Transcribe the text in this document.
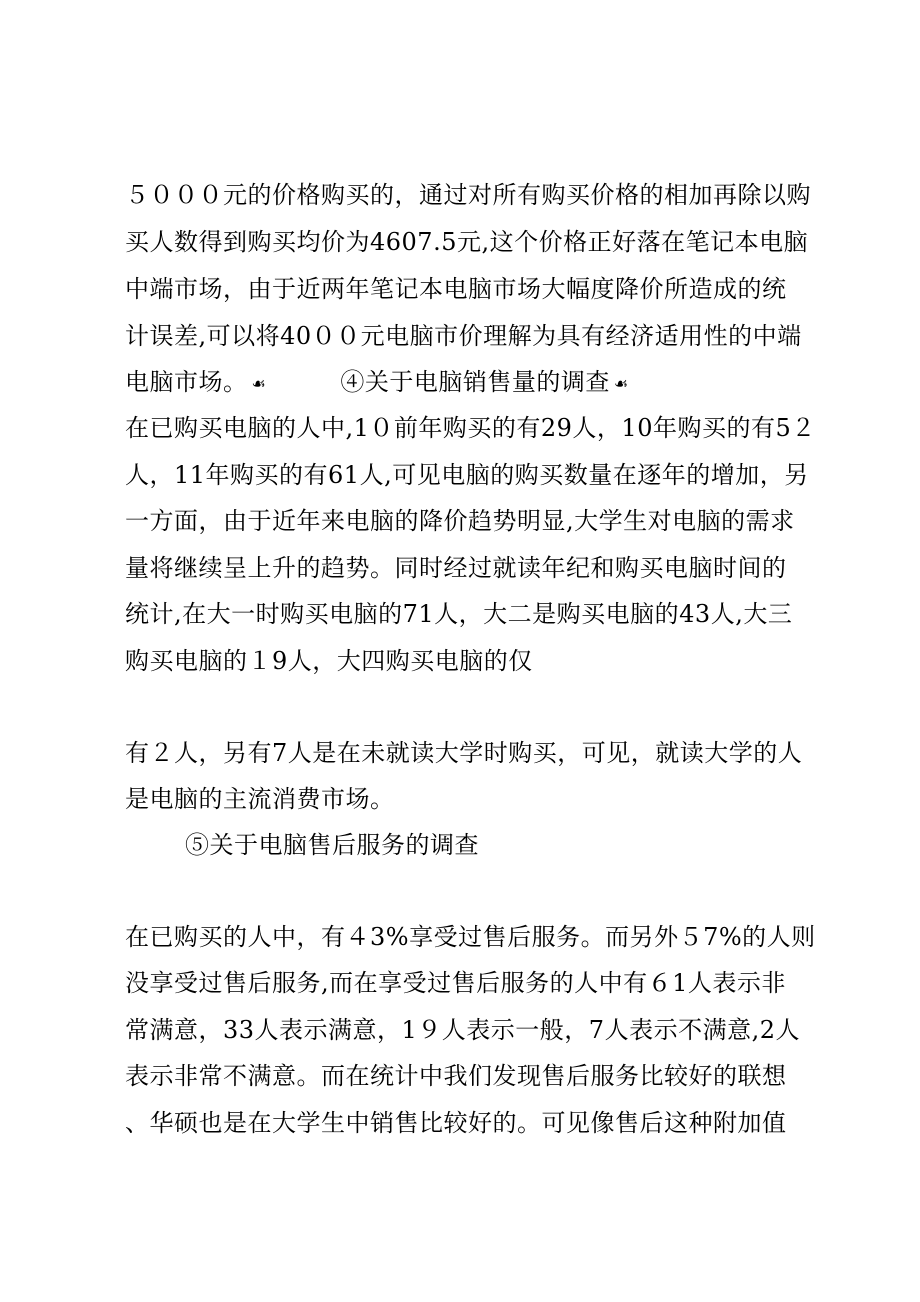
５０００元的价格购买的，通过对所有购买价格的相加再除以购
买人数得到购买均价为4607.5元,这个价格正好落在笔记本电脑
中端市场，由于近两年笔记本电脑市场大幅度降价所造成的统
计误差,可以将40００元电脑市价理解为具有经济适用性的中端
电脑市场。 ☙	④关于电脑销售量的调查 ☙
在已购买电脑的人中,1０前年购买的有29人，10年购买的有5２
人，11年购买的有61人,可见电脑的购买数量在逐年的增加，另
一方面，由于近年来电脑的降价趋势明显,大学生对电脑的需求
量将继续呈上升的趋势。同时经过就读年纪和购买电脑时间的
统计,在大一时购买电脑的71人，大二是购买电脑的43人,大三
购买电脑的１9人，大四购买电脑的仅
有２人，另有7人是在未就读大学时购买，可见，就读大学的人
是电脑的主流消费市场。
⑤关于电脑售后服务的调查
在已购买的人中，有４3%享受过售后服务。而另外５7%的人则
没享受过售后服务,而在享受过售后服务的人中有６1人表示非
常满意，33人表示满意，1９人表示一般，7人表示不满意,2人
表示非常不满意。而在统计中我们发现售后服务比较好的联想
、华硕也是在大学生中销售比较好的。可见像售后这种附加值
